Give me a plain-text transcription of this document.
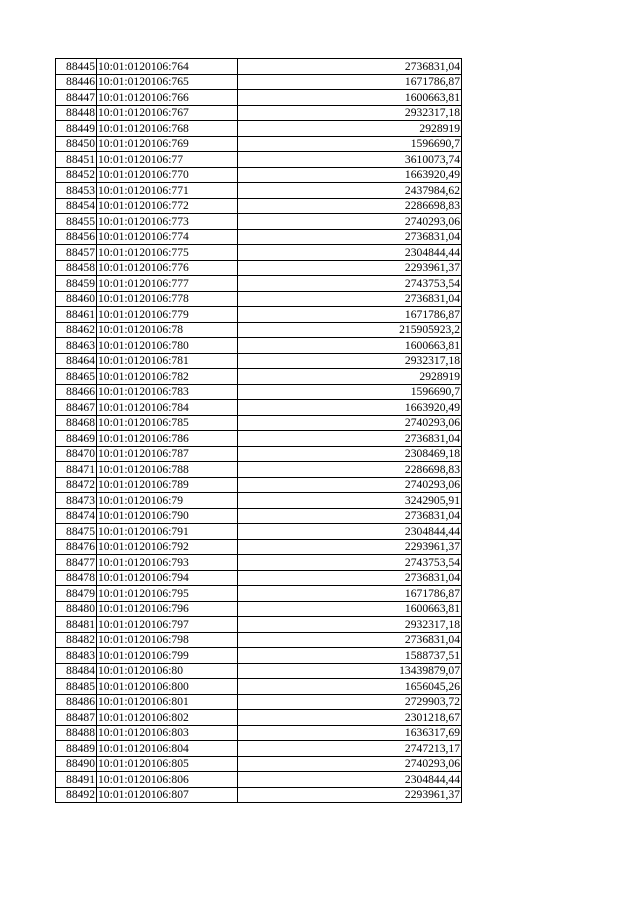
88445	10:01:0120106:764	2736831,04
88446	10:01:0120106:765	1671786,87
88447	10:01:0120106:766	1600663,81
88448	10:01:0120106:767	2932317,18
88449	10:01:0120106:768	2928919
88450	10:01:0120106:769	1596690,7
88451	10:01:0120106:77	3610073,74
88452	10:01:0120106:770	1663920,49
88453	10:01:0120106:771	2437984,62
88454	10:01:0120106:772	2286698,83
88455	10:01:0120106:773	2740293,06
88456	10:01:0120106:774	2736831,04
88457	10:01:0120106:775	2304844,44
88458	10:01:0120106:776	2293961,37
88459	10:01:0120106:777	2743753,54
88460	10:01:0120106:778	2736831,04
88461	10:01:0120106:779	1671786,87
88462	10:01:0120106:78	215905923,2
88463	10:01:0120106:780	1600663,81
88464	10:01:0120106:781	2932317,18
88465	10:01:0120106:782	2928919
88466	10:01:0120106:783	1596690,7
88467	10:01:0120106:784	1663920,49
88468	10:01:0120106:785	2740293,06
88469	10:01:0120106:786	2736831,04
88470	10:01:0120106:787	2308469,18
88471	10:01:0120106:788	2286698,83
88472	10:01:0120106:789	2740293,06
88473	10:01:0120106:79	3242905,91
88474	10:01:0120106:790	2736831,04
88475	10:01:0120106:791	2304844,44
88476	10:01:0120106:792	2293961,37
88477	10:01:0120106:793	2743753,54
88478	10:01:0120106:794	2736831,04
88479	10:01:0120106:795	1671786,87
88480	10:01:0120106:796	1600663,81
88481	10:01:0120106:797	2932317,18
88482	10:01:0120106:798	2736831,04
88483	10:01:0120106:799	1588737,51
88484	10:01:0120106:80	13439879,07
88485	10:01:0120106:800	1656045,26
88486	10:01:0120106:801	2729903,72
88487	10:01:0120106:802	2301218,67
88488	10:01:0120106:803	1636317,69
88489	10:01:0120106:804	2747213,17
88490	10:01:0120106:805	2740293,06
88491	10:01:0120106:806	2304844,44
88492	10:01:0120106:807	2293961,37
